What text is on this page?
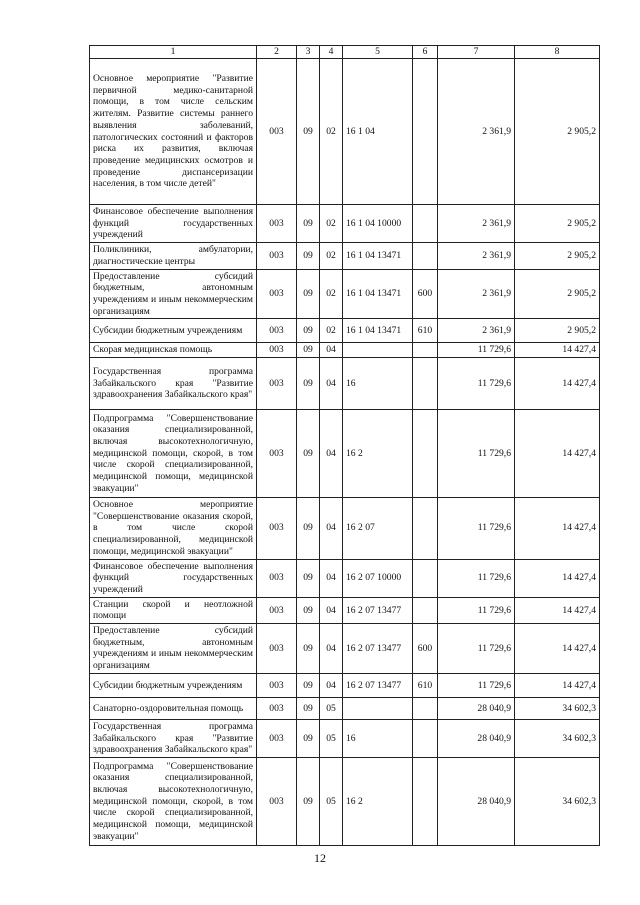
1	2	3	4	5	6	7	8
Основное мероприятие "Развитие первичной медико-санитарной помощи, в том числе сельским жителям. Развитие системы раннего выявления заболеваний, патологических состояний и факторов риска их развития, включая проведение медицинских осмотров и проведение диспансеризации населения, в том числе детей"	003	09	02	16 1 04		2 361,9	2 905,2
Финансовое обеспечение выполнения функций государственных учреждений	003	09	02	16 1 04 10000		2 361,9	2 905,2
Поликлиники, амбулатории, диагностические центры	003	09	02	16 1 04 13471		2 361,9	2 905,2
Предоставление субсидий бюджетным, автономным учреждениям и иным некоммерческим организациям	003	09	02	16 1 04 13471	600	2 361,9	2 905,2
Субсидии бюджетным учреждениям	003	09	02	16 1 04 13471	610	2 361,9	2 905,2
Скорая медицинская помощь	003	09	04			11 729,6	14 427,4
Государственная программа Забайкальского края "Развитие здравоохранения Забайкальского края"	003	09	04	16		11 729,6	14 427,4
Подпрограмма "Совершенствование оказания специализированной, включая высокотехнологичную, медицинской помощи, скорой, в том числе скорой специализированной, медицинской помощи, медицинской эвакуации"	003	09	04	16 2		11 729,6	14 427,4
Основное мероприятие "Совершенствование оказания скорой, в том числе скорой специализированной, медицинской помощи, медицинской эвакуации"	003	09	04	16 2 07		11 729,6	14 427,4
Финансовое обеспечение выполнения функций государственных учреждений	003	09	04	16 2 07 10000		11 729,6	14 427,4
Станции скорой и неотложной помощи	003	09	04	16 2 07 13477		11 729,6	14 427,4
Предоставление субсидий бюджетным, автономным учреждениям и иным некоммерческим организациям	003	09	04	16 2 07 13477	600	11 729,6	14 427,4
Субсидии бюджетным учреждениям	003	09	04	16 2 07 13477	610	11 729,6	14 427,4
Санаторно-оздоровительная помощь	003	09	05			28 040,9	34 602,3
Государственная программа Забайкальского края "Развитие здравоохранения Забайкальского края"	003	09	05	16		28 040,9	34 602,3
Подпрограмма "Совершенствование оказания специализированной, включая высокотехнологичную, медицинской помощи, скорой, в том числе скорой специализированной, медицинской помощи, медицинской эвакуации"	003	09	05	16 2		28 040,9	34 602,3
12
